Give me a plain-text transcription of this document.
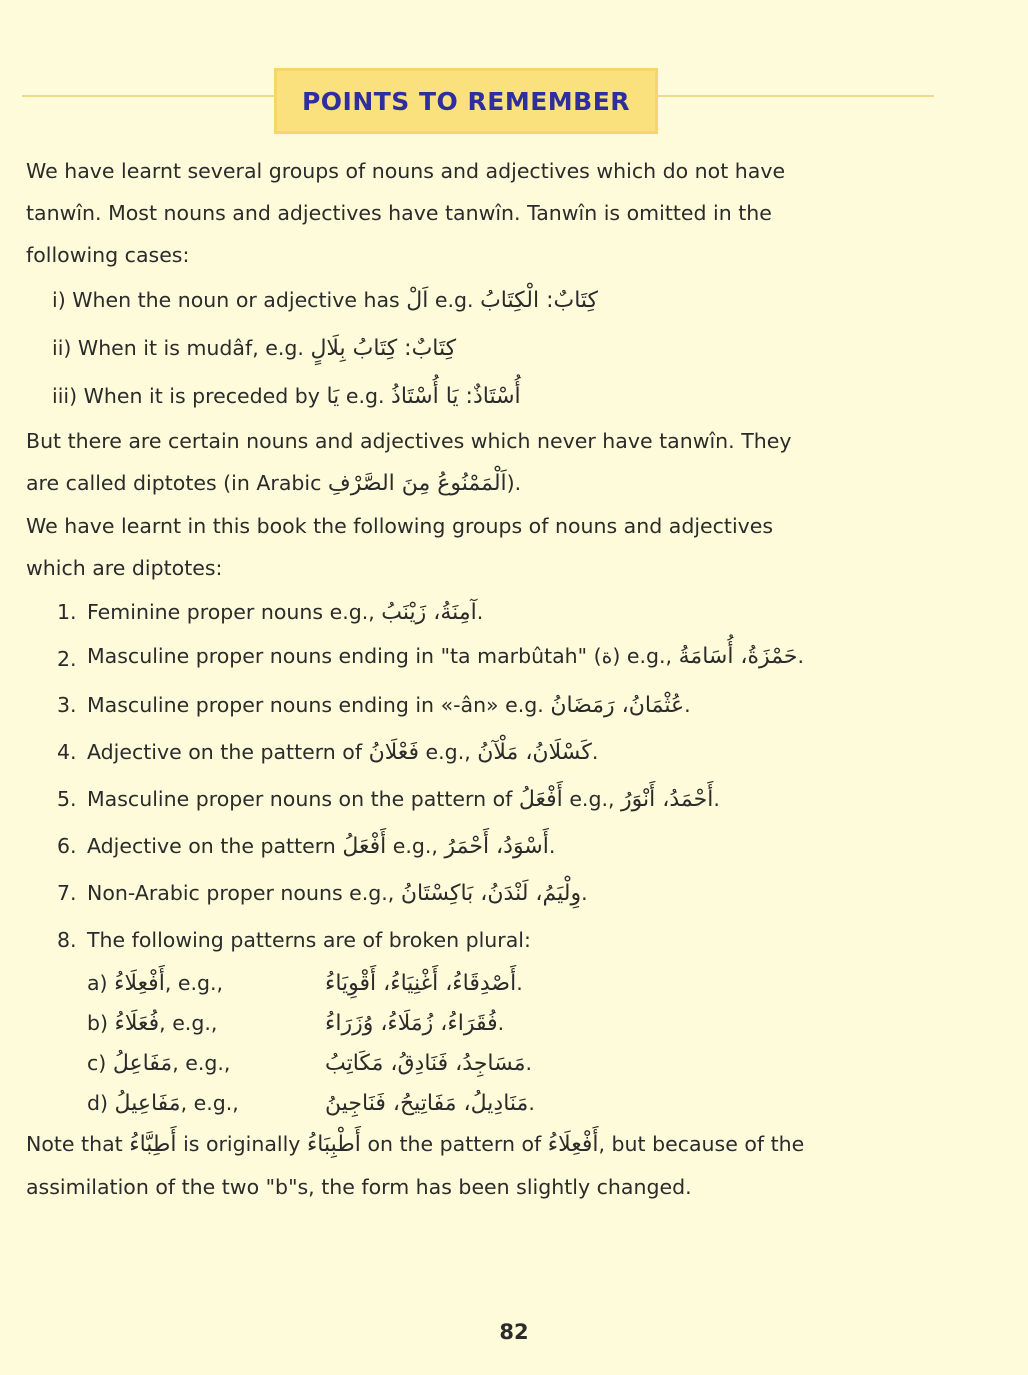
POINTS TO REMEMBER

We have learnt several groups of nouns and adjectives which do not have tanwîn. Most nouns and adjectives have tanwîn. Tanwîn is omitted in the following cases:

i) When the noun or adjective has اَلْ e.g. كِتَابٌ: الْكِتَابُ
ii) When it is mudâf, e.g. كِتَابٌ: كِتَابُ بِلَالٍ
iii) When it is preceded by يَا e.g. أُسْتَاذٌ: يَا أُسْتَاذُ

But there are certain nouns and adjectives which never have tanwîn. They are called diptotes (in Arabic اَلْمَمْنُوعُ مِنَ الصَّرْفِ).

We have learnt in this book the following groups of nouns and adjectives which are diptotes:

1. Feminine proper nouns e.g., آمِنَةُ، زَيْنَبُ.
2. Masculine proper nouns ending in "ta marbûtah" (ة) e.g., حَمْزَةُ، أُسَامَةُ.
3. Masculine proper nouns ending in «-ân» e.g. عُثْمَانُ، رَمَضَانُ.
4. Adjective on the pattern of فَعْلَانُ e.g., كَسْلَانُ، مَلْآنُ.
5. Masculine proper nouns on the pattern of أَفْعَلُ e.g., أَحْمَدُ، أَنْوَرُ.
6. Adjective on the pattern أَفْعَلُ e.g., أَسْوَدُ، أَحْمَرُ.
7. Non-Arabic proper nouns e.g., وِلْيَمُ، لَنْدَنُ، بَاكِسْتَانُ.
8. The following patterns are of broken plural:
a) أَفْعِلَاءُ, e.g.,	أَصْدِقَاءُ، أَغْنِيَاءُ، أَقْوِيَاءُ.
b) فُعَلَاءُ, e.g.,	فُقَرَاءُ، زُمَلَاءُ، وُزَرَاءُ.
c) مَفَاعِلُ, e.g.,	مَسَاجِدُ، فَنَادِقُ، مَكَاتِبُ.
d) مَفَاعِيلُ, e.g.,	مَنَادِيلُ، مَفَاتِيحُ، فَنَاجِينُ.

Note that أَطِبَّاءُ is originally أَطْبِبَاءُ on the pattern of أَفْعِلَاءُ, but because of the assimilation of the two "b"s, the form has been slightly changed.

82
